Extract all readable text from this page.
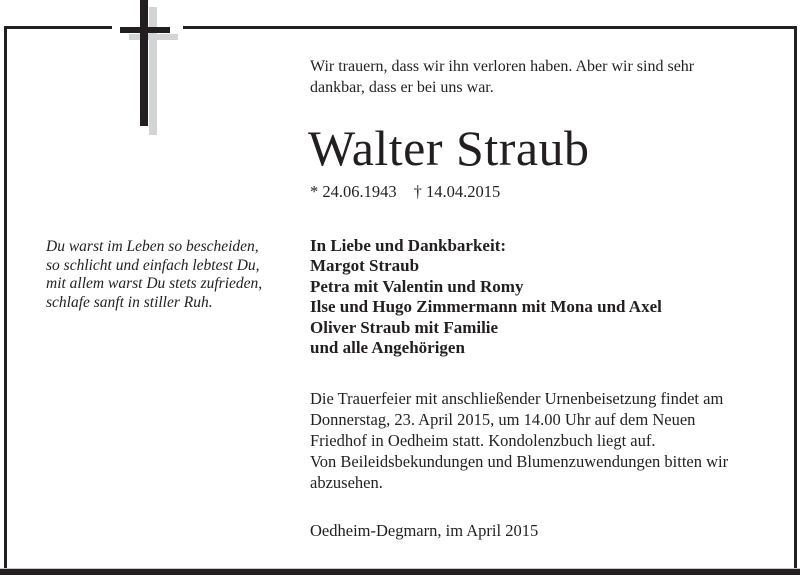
Wir trauern, dass wir ihn verloren haben. Aber wir sind sehr
dankbar, dass er bei uns war.
Walter Straub
* 24.06.1943 † 14.04.2015
Du warst im Leben so bescheiden,
so schlicht und einfach lebtest Du,
mit allem warst Du stets zufrieden,
schlafe sanft in stiller Ruh.
In Liebe und Dankbarkeit:
Margot Straub
Petra mit Valentin und Romy
Ilse und Hugo Zimmermann mit Mona und Axel
Oliver Straub mit Familie
und alle Angehörigen
Die Trauerfeier mit anschließender Urnenbeisetzung findet am
Donnerstag, 23. April 2015, um 14.00 Uhr auf dem Neuen
Friedhof in Oedheim statt. Kondolenzbuch liegt auf.
Von Beileidsbekundungen und Blumenzuwendungen bitten wir
abzusehen.
Oedheim-Degmarn, im April 2015
